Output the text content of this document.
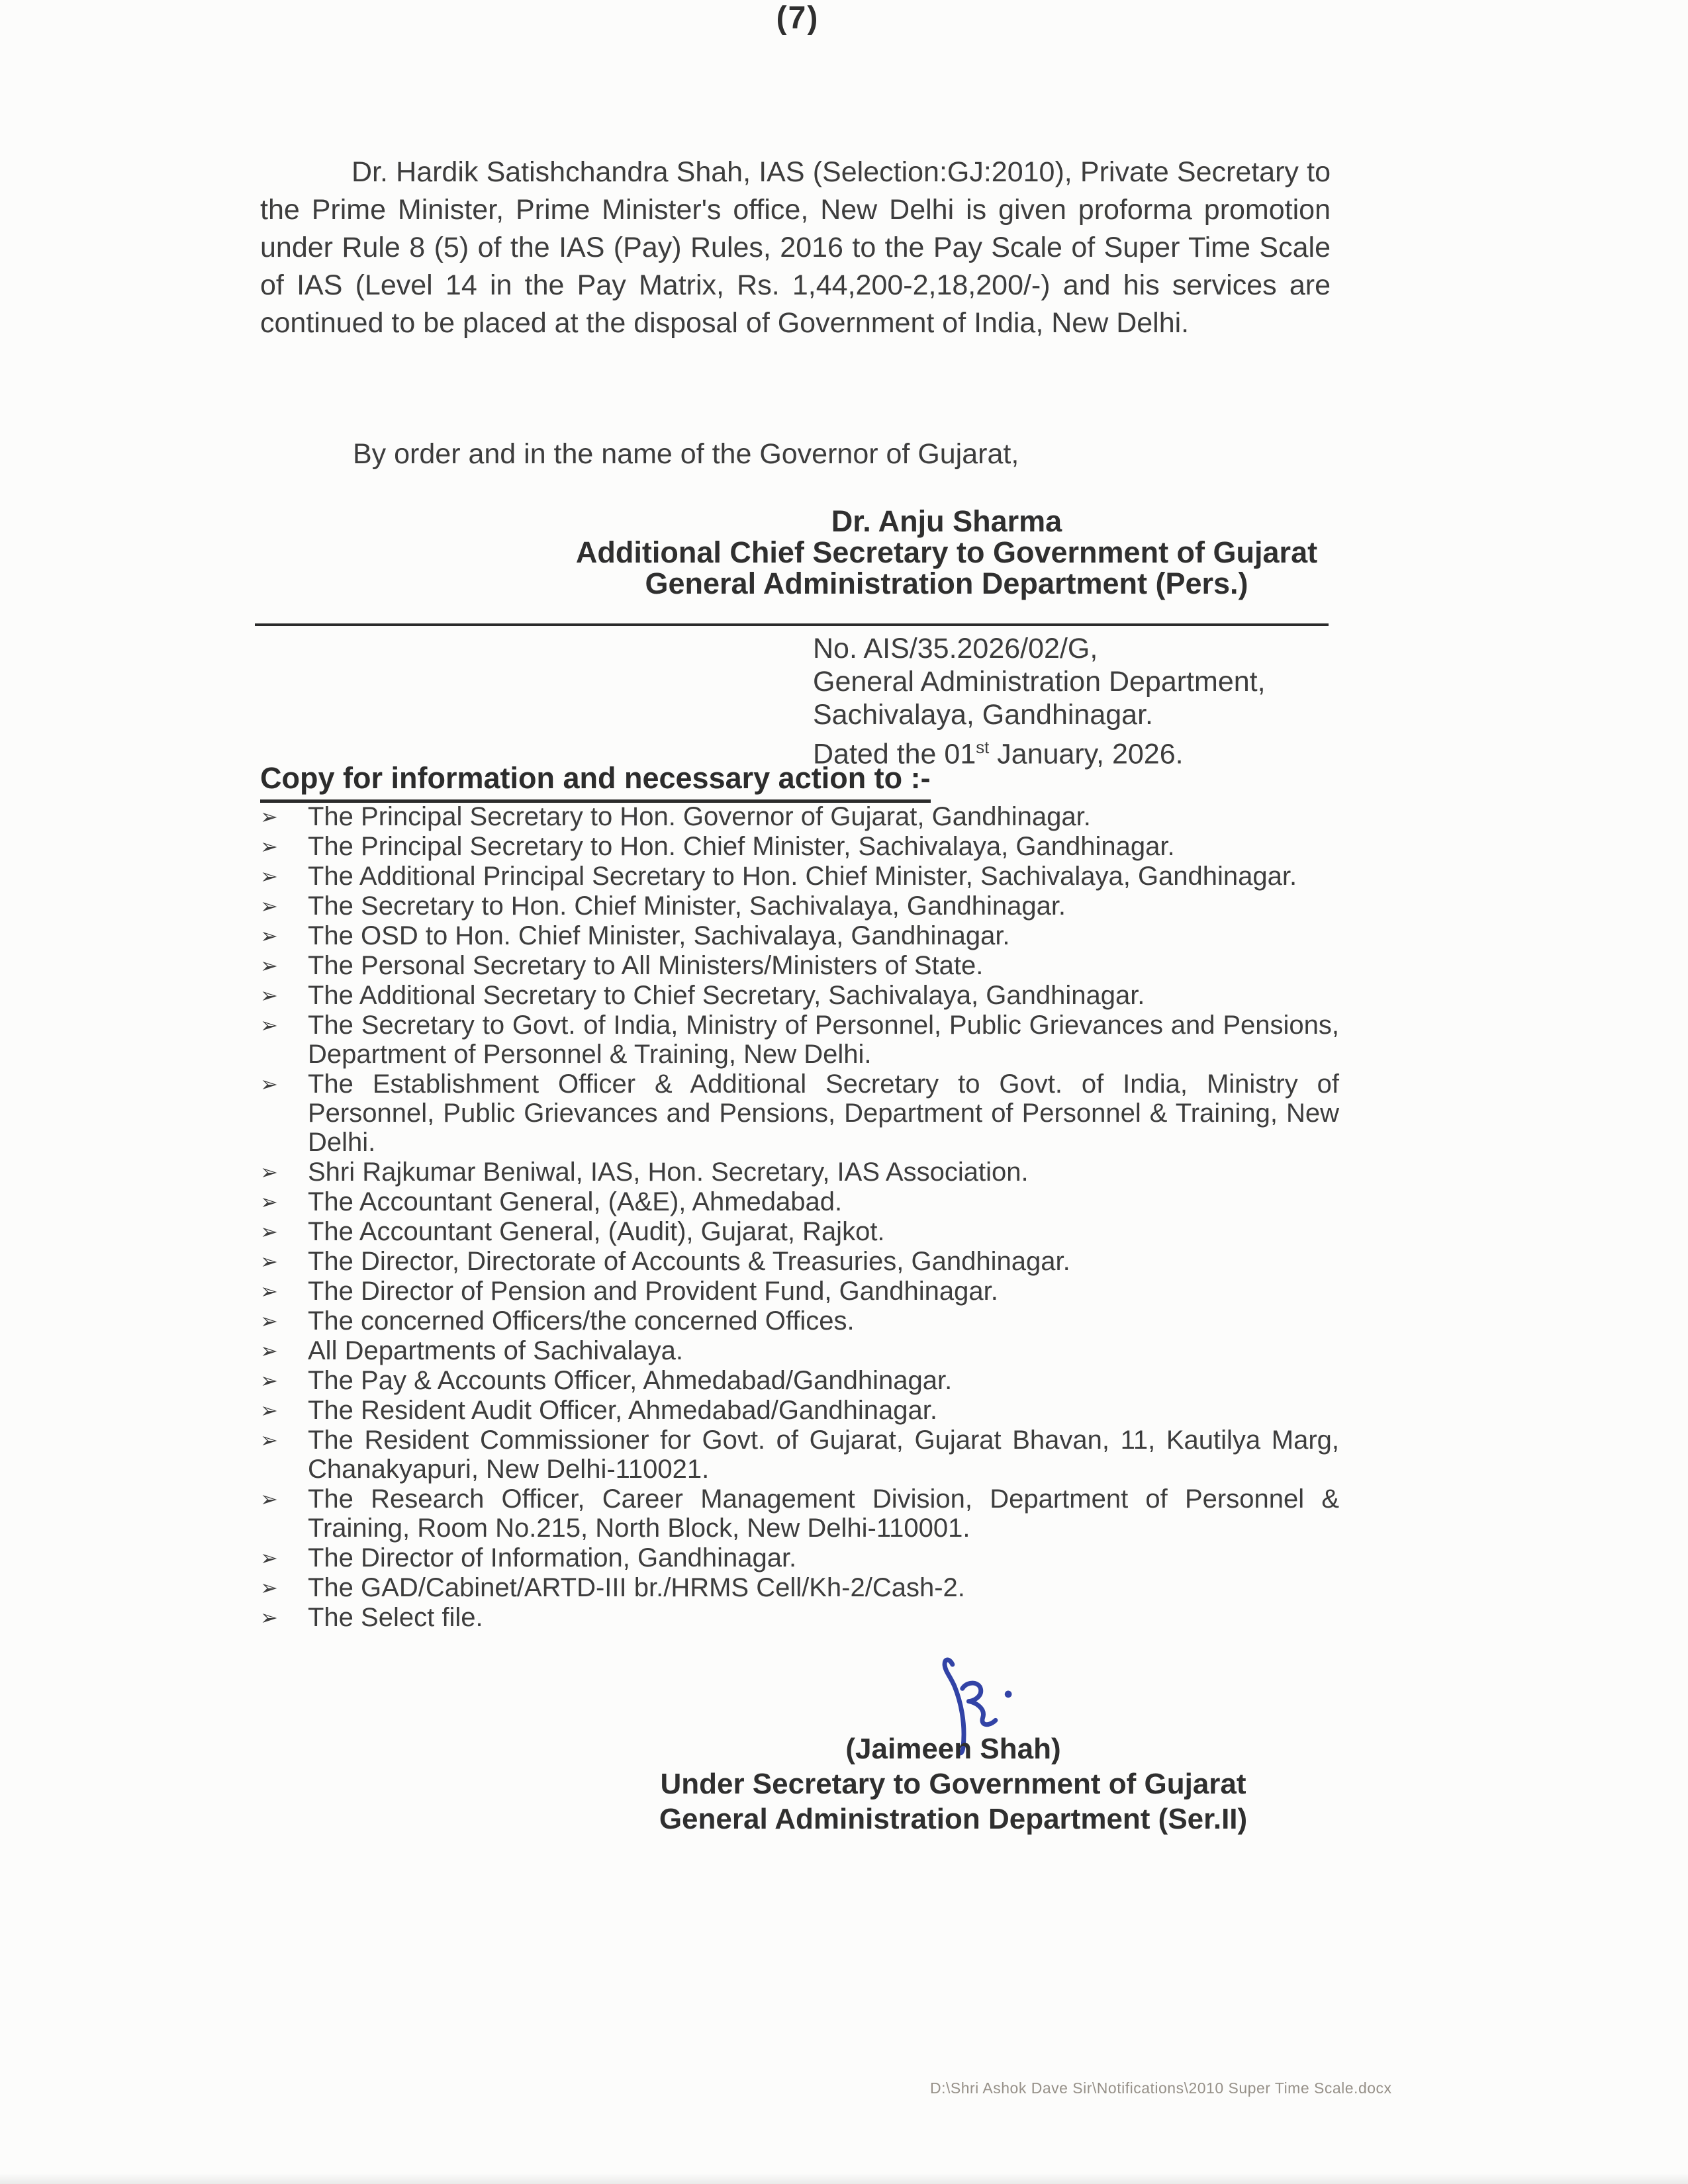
(7)
Dr. Hardik Satishchandra Shah, IAS (Selection:GJ:2010), Private Secretary to the Prime Minister, Prime Minister's office, New Delhi is given proforma promotion under Rule 8 (5) of the IAS (Pay) Rules, 2016 to the Pay Scale of Super Time Scale of IAS (Level 14 in the Pay Matrix, Rs. 1,44,200-2,18,200/-) and his services are continued to be placed at the disposal of Government of India, New Delhi.
By order and in the name of the Governor of Gujarat,
Dr. Anju Sharma
Additional Chief Secretary to Government of Gujarat
General Administration Department (Pers.)
No. AIS/35.2026/02/G,
General Administration Department,
Sachivalaya, Gandhinagar.
Dated the 01st January, 2026.
Copy for information and necessary action to :-
➢	The Principal Secretary to Hon. Governor of Gujarat, Gandhinagar.
➢	The Principal Secretary to Hon. Chief Minister, Sachivalaya, Gandhinagar.
➢	The Additional Principal Secretary to Hon. Chief Minister, Sachivalaya, Gandhinagar.
➢	The Secretary to Hon. Chief Minister, Sachivalaya, Gandhinagar.
➢	The OSD to Hon. Chief Minister, Sachivalaya, Gandhinagar.
➢	The Personal Secretary to All Ministers/Ministers of State.
➢	The Additional Secretary to Chief Secretary, Sachivalaya, Gandhinagar.
➢	The Secretary to Govt. of India, Ministry of Personnel, Public Grievances and Pensions, Department of Personnel & Training, New Delhi.
➢	The Establishment Officer & Additional Secretary to Govt. of India, Ministry of Personnel, Public Grievances and Pensions, Department of Personnel & Training, New Delhi.
➢	Shri Rajkumar Beniwal, IAS, Hon. Secretary, IAS Association.
➢	The Accountant General, (A&E), Ahmedabad.
➢	The Accountant General, (Audit), Gujarat, Rajkot.
➢	The Director, Directorate of Accounts & Treasuries, Gandhinagar.
➢	The Director of Pension and Provident Fund, Gandhinagar.
➢	The concerned Officers/the concerned Offices.
➢	All Departments of Sachivalaya.
➢	The Pay & Accounts Officer, Ahmedabad/Gandhinagar.
➢	The Resident Audit Officer, Ahmedabad/Gandhinagar.
➢	The Resident Commissioner for Govt. of Gujarat, Gujarat Bhavan, 11, Kautilya Marg, Chanakyapuri, New Delhi-110021.
➢	The Research Officer, Career Management Division, Department of Personnel & Training, Room No.215, North Block, New Delhi-110001.
➢	The Director of Information, Gandhinagar.
➢	The GAD/Cabinet/ARTD-III br./HRMS Cell/Kh-2/Cash-2.
➢	The Select file.
(Jaimeen Shah)
Under Secretary to Government of Gujarat
General Administration Department (Ser.II)
D:\Shri Ashok Dave Sir\Notifications\2010 Super Time Scale.docx
